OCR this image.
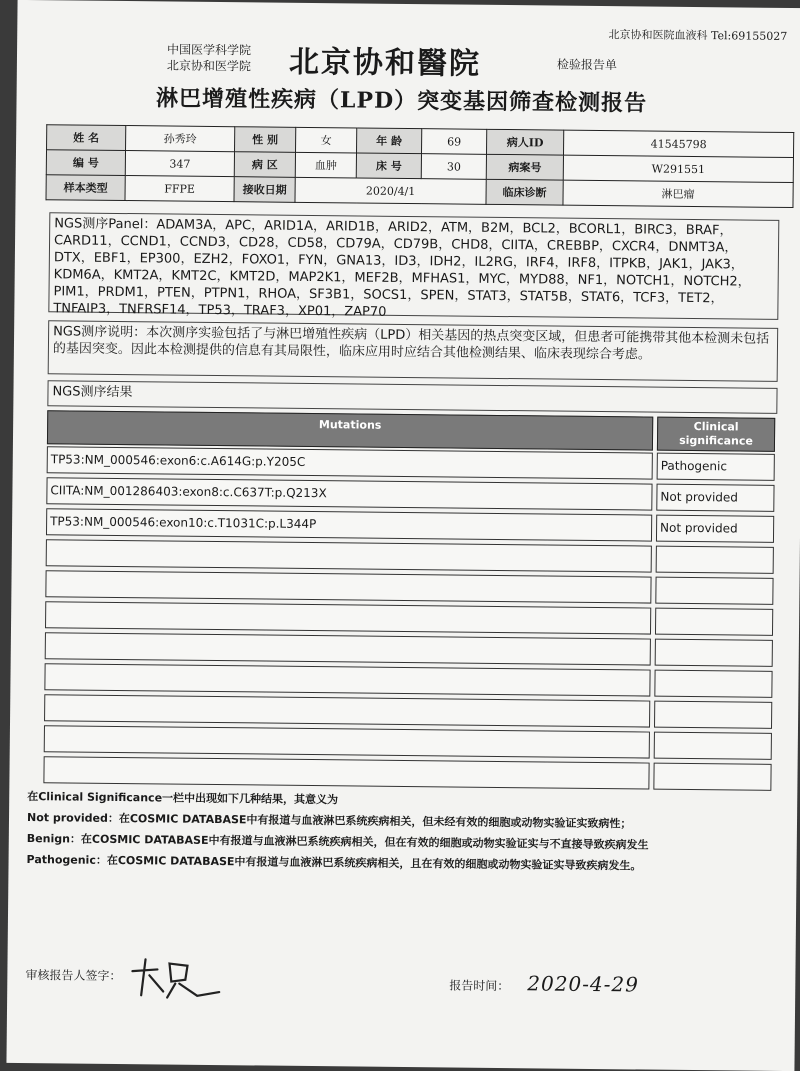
北京协和医院血液科 Tel:69155027
中国医学科学院
北京协和医学院 北京协和醫院	检验报告单
淋巴增殖性疾病（LPD）突变基因筛查检测报告
姓 名	孙秀玲	性 别	女	年 龄	69	病人ID	41545798
编 号	347	病 区	血肿	床 号	30	病案号	W291551
样本类型	FFPE	接收日期	2020/4/1			临床诊断	淋巴瘤
NGS测序Panel：ADAM3A，APC，ARID1A，ARID1B，ARID2，ATM，B2M，BCL2，BCORL1，BIRC3，BRAF，CARD11，CCND1，CCND3，CD28，CD58，CD79A，CD79B，CHD8，CIITA，CREBBP，CXCR4，DNMT3A，DTX，EBF1，EP300，EZH2，FOXO1，FYN，GNA13，ID3，IDH2，IL2RG，IRF4，IRF8，ITPKB，JAK1，JAK3，KDM6A，KMT2A，KMT2C，KMT2D，MAP2K1，MEF2B，MFHAS1，MYC，MYD88，NF1，NOTCH1，NOTCH2，PIM1，PRDM1，PTEN，PTPN1，RHOA，SF3B1，SOCS1，SPEN，STAT3，STAT5B，STAT6，TCF3，TET2，TNFAIP3，TNFRSF14，TP53，TRAF3，XP01，ZAP70
NGS测序说明：本次测序实验包括了与淋巴增殖性疾病（LPD）相关基因的热点突变区域，但患者可能携带其他本检测未包括的基因突变。因此本检测提供的信息有其局限性，临床应用时应结合其他检测结果、临床表现综合考虑。
NGS测序结果
Mutations	Clinical
significance
TP53:NM_000546:exon6:c.A614G:p.Y205C	Pathogenic
CIITA:NM_001286403:exon8:c.C637T:p.Q213X	Not provided
TP53:NM_000546:exon10:c.T1031C:p.L344P	Not provided
在Clinical Significance一栏中出现如下几种结果，其意义为
Not provided：在COSMIC DATABASE中有报道与血液淋巴系统疾病相关，但未经有效的细胞或动物实验证实致病性；
Benign：在COSMIC DATABASE中有报道与血液淋巴系统疾病相关，但在有效的细胞或动物实验证实与不直接导致疾病发生
Pathogenic：在COSMIC DATABASE中有报道与血液淋巴系统疾病相关，且在有效的细胞或动物实验证实导致疾病发生。
审核报告人签字：
报告时间： 2020-4-29
